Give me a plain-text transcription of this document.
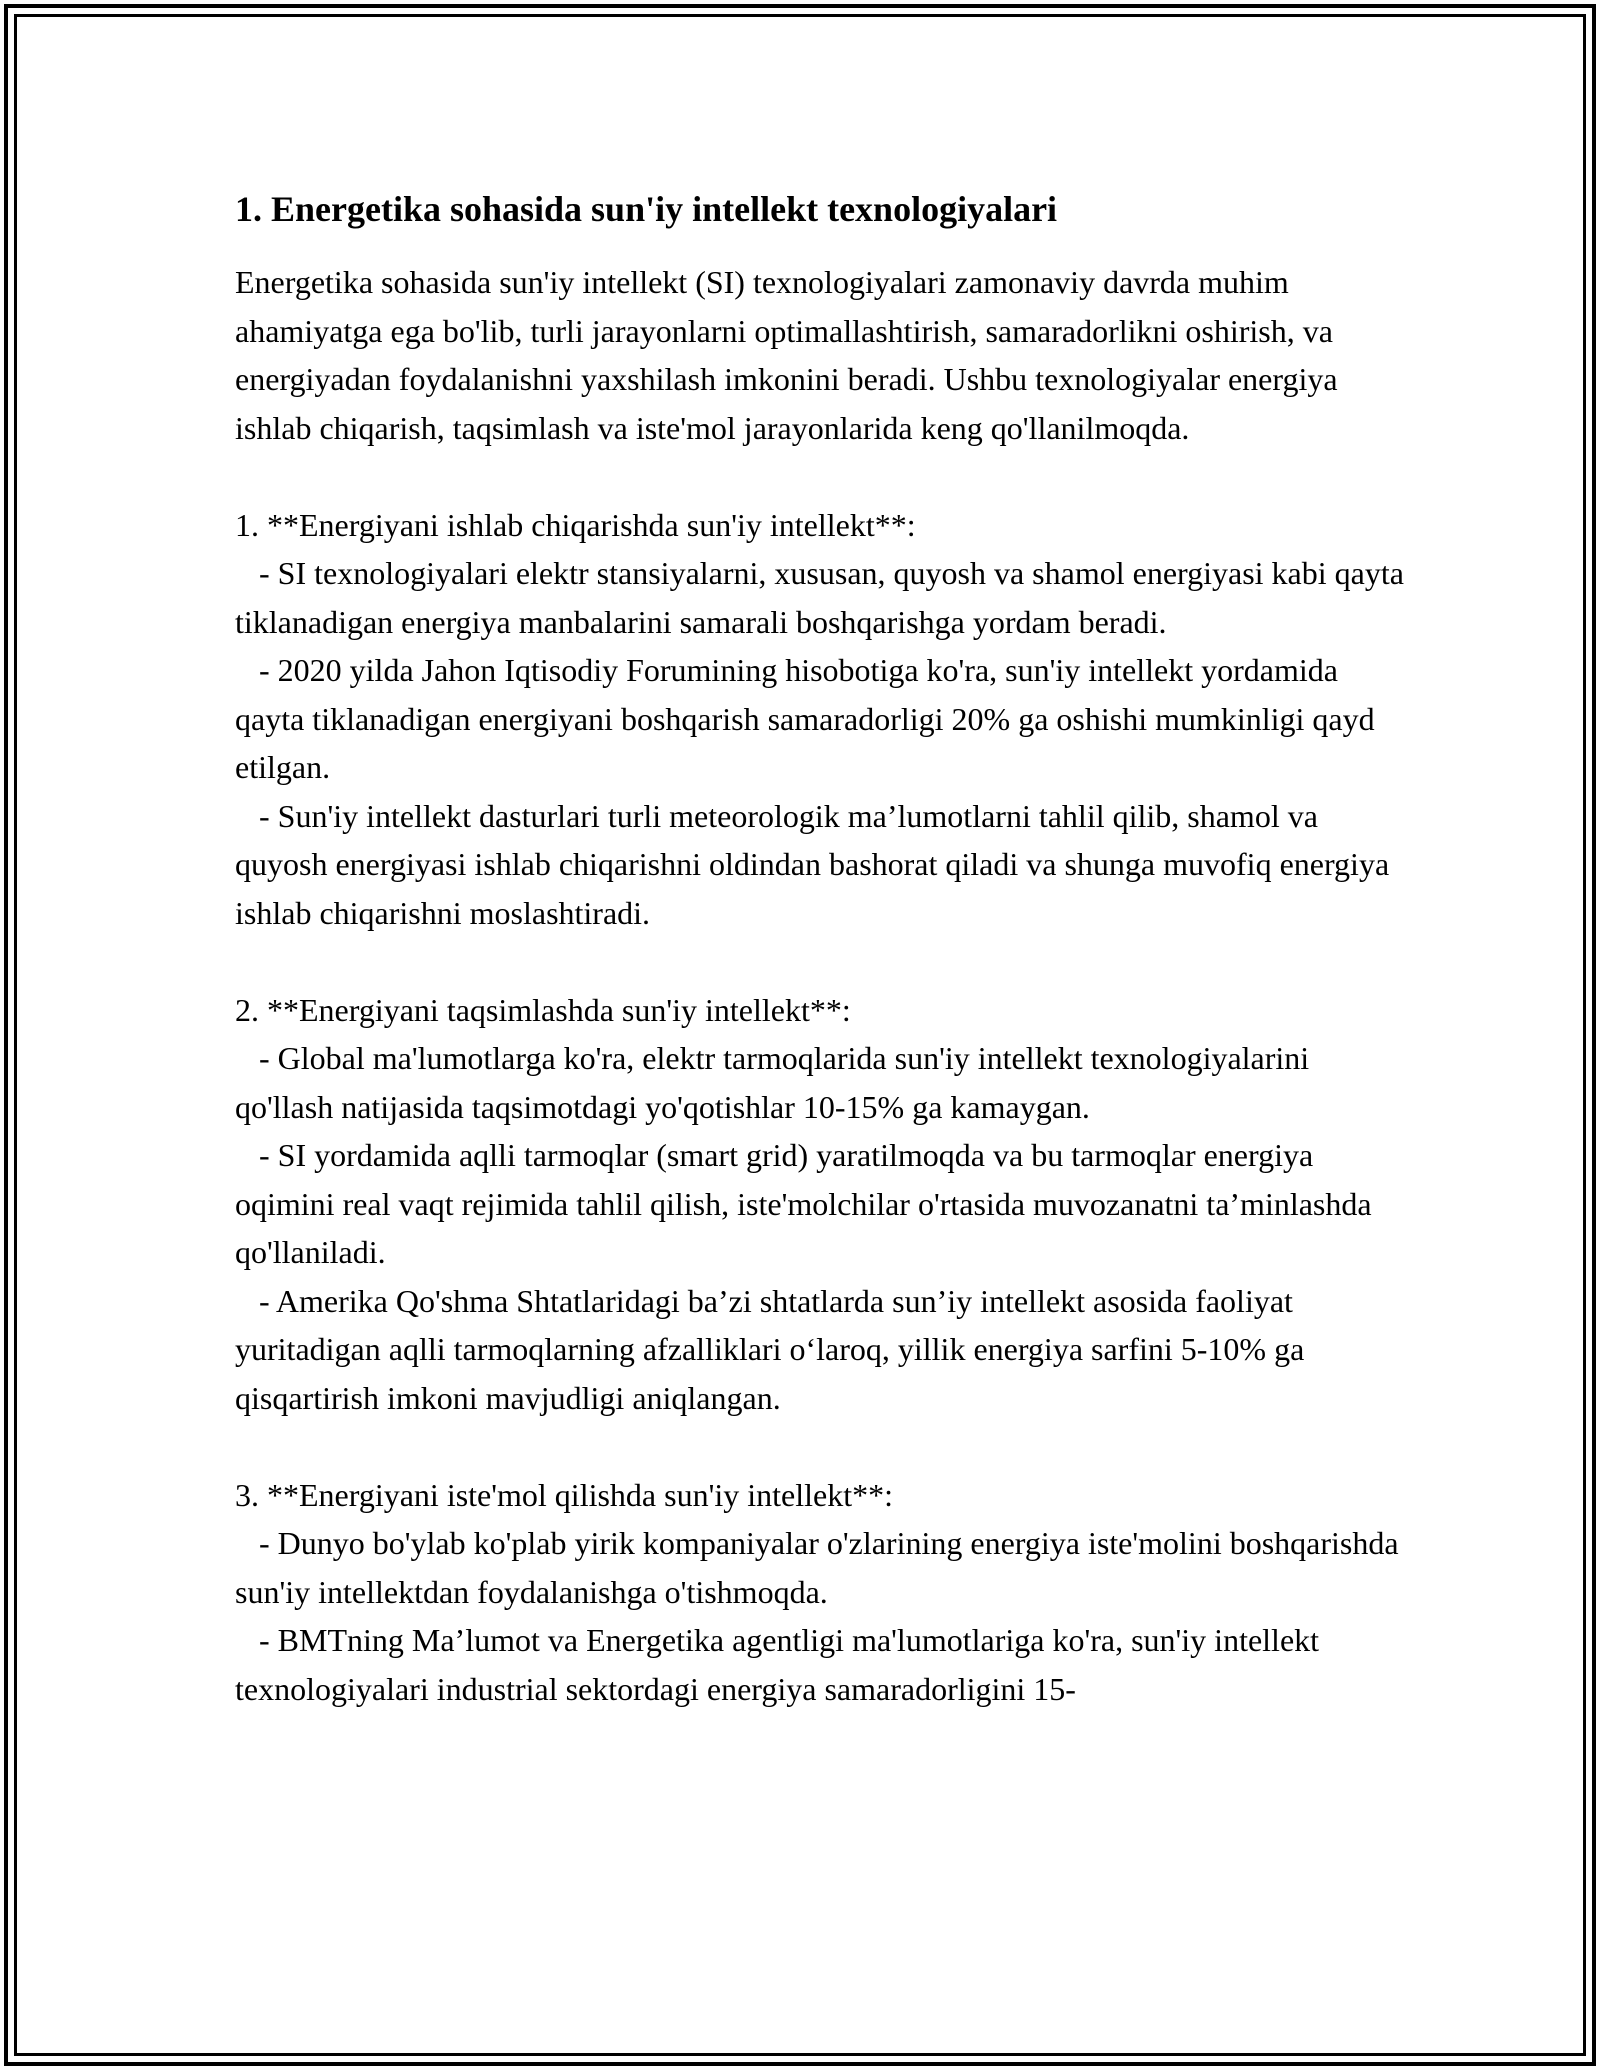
1. Energetika sohasida sun'iy intellekt texnologiyalari

Energetika sohasida sun'iy intellekt (SI) texnologiyalari zamonaviy davrda muhim ahamiyatga ega bo'lib, turli jarayonlarni optimallashtirish, samaradorlikni oshirish, va energiyadan foydalanishni yaxshilash imkonini beradi. Ushbu texnologiyalar energiya ishlab chiqarish, taqsimlash va iste'mol jarayonlarida keng qo'llanilmoqda.

1. **Energiyani ishlab chiqarishda sun'iy intellekt**:

- SI texnologiyalari elektr stansiyalarni, xususan, quyosh va shamol energiyasi kabi qayta tiklanadigan energiya manbalarini samarali boshqarishga yordam beradi.

- 2020 yilda Jahon Iqtisodiy Forumining hisobotiga ko'ra, sun'iy intellekt yordamida qayta tiklanadigan energiyani boshqarish samaradorligi 20% ga oshishi mumkinligi qayd etilgan.

- Sun'iy intellekt dasturlari turli meteorologik ma’lumotlarni tahlil qilib, shamol va quyosh energiyasi ishlab chiqarishni oldindan bashorat qiladi va shunga muvofiq energiya ishlab chiqarishni moslashtiradi.

2. **Energiyani taqsimlashda sun'iy intellekt**:

- Global ma'lumotlarga ko'ra, elektr tarmoqlarida sun'iy intellekt texnologiyalarini qo'llash natijasida taqsimotdagi yo'qotishlar 10-15% ga kamaygan.

- SI yordamida aqlli tarmoqlar (smart grid) yaratilmoqda va bu tarmoqlar energiya oqimini real vaqt rejimida tahlil qilish, iste'molchilar o'rtasida muvozanatni ta’minlashda qo'llaniladi.

- Amerika Qo'shma Shtatlaridagi ba’zi shtatlarda sun’iy intellekt asosida faoliyat yuritadigan aqlli tarmoqlarning afzalliklari o‘laroq, yillik energiya sarfini 5-10% ga qisqartirish imkoni mavjudligi aniqlangan.

3. **Energiyani iste'mol qilishda sun'iy intellekt**:

- Dunyo bo'ylab ko'plab yirik kompaniyalar o'zlarining energiya iste'molini boshqarishda sun'iy intellektdan foydalanishga o'tishmoqda.

- BMTning Ma’lumot va Energetika agentligi ma'lumotlariga ko'ra, sun'iy intellekt texnologiyalari industrial sektordagi energiya samaradorligini 15-
